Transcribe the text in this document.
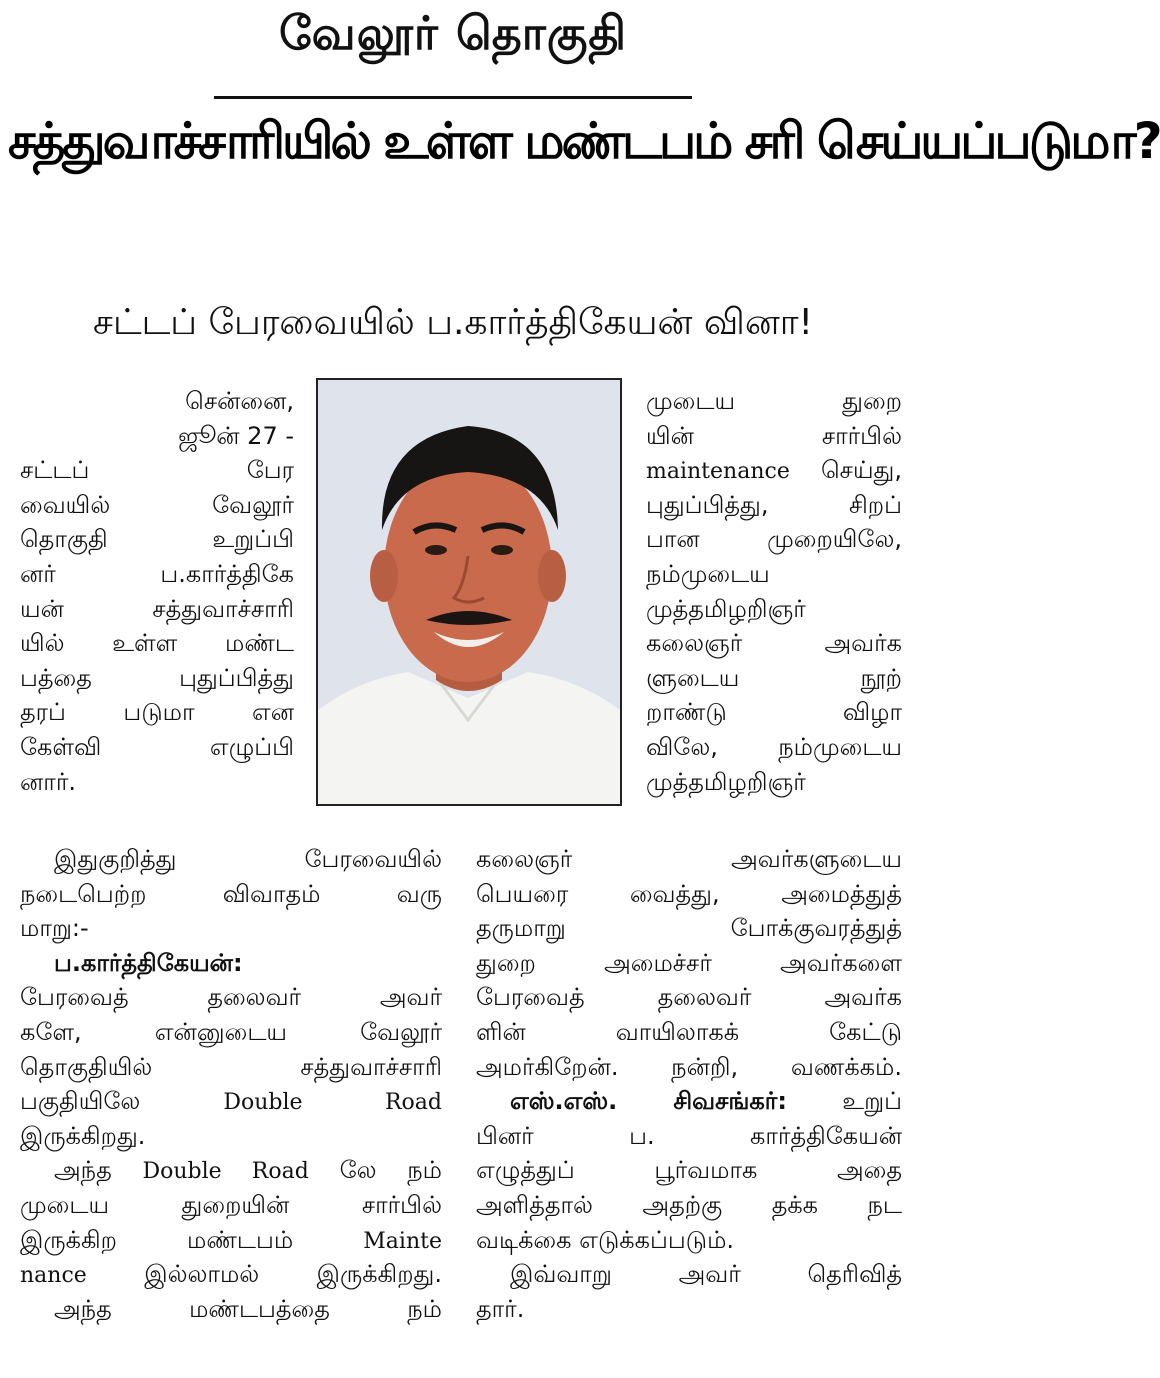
வேலூர் தொகுதி
சத்துவாச்சாரியில் உள்ள மண்டபம் சரி செய்யப்படுமா?
சட்டப் பேரவையில் ப.கார்த்திகேயன் வினா!
சென்னை,
ஜூன் 27 -
சட்டப் பேர
வையில் வேலூர்
தொகுதி உறுப்பி
னர் ப.கார்த்திகே
யன் சத்துவாச்சாரி
யில் உள்ள மண்ட
பத்தை புதுப்பித்து
தரப் படுமா என
கேள்வி எழுப்பி
னார்.
இதுகுறித்து பேரவையில்
நடைபெற்ற விவாதம் வரு
மாறு:-
ப.கார்த்திகேயன்:
பேரவைத் தலைவர் அவர்
களே, என்னுடைய வேலூர்
தொகுதியில் சத்துவாச்சாரி
பகுதியிலே	Double Road
இருக்கிறது.
அந்த Double Road லே நம்
முடைய துறையின் சார்பில்
இருக்கிற மண்டபம்	Mainte
nance இல்லாமல் இருக்கிறது.
அந்த மண்டபத்தை நம்
முடைய துறை
யின் சார்பில்
maintenance செய்து,
புதுப்பித்து, சிறப்
பான முறையிலே,
நம்முடைய
முத்தமிழறிஞர்
கலைஞர் அவர்க
ளுடைய நூற்
றாண்டு விழா
விலே, நம்முடைய
முத்தமிழறிஞர்
கலைஞர் அவர்களுடைய
பெயரை வைத்து, அமைத்துத்
தருமாறு போக்குவரத்துத்
துறை அமைச்சர் அவர்களை
பேரவைத் தலைவர் அவர்க
ளின் வாயிலாகக் கேட்டு
அமர்கிறேன். நன்றி, வணக்கம்.
எஸ்.எஸ். சிவசங்கர்: உறுப்
பினர் ப. கார்த்திகேயன்
எழுத்துப் பூர்வமாக அதை
அளித்தால் அதற்கு தக்க நட
வடிக்கை எடுக்கப்படும்.
இவ்வாறு அவர் தெரிவித்
தார்.
